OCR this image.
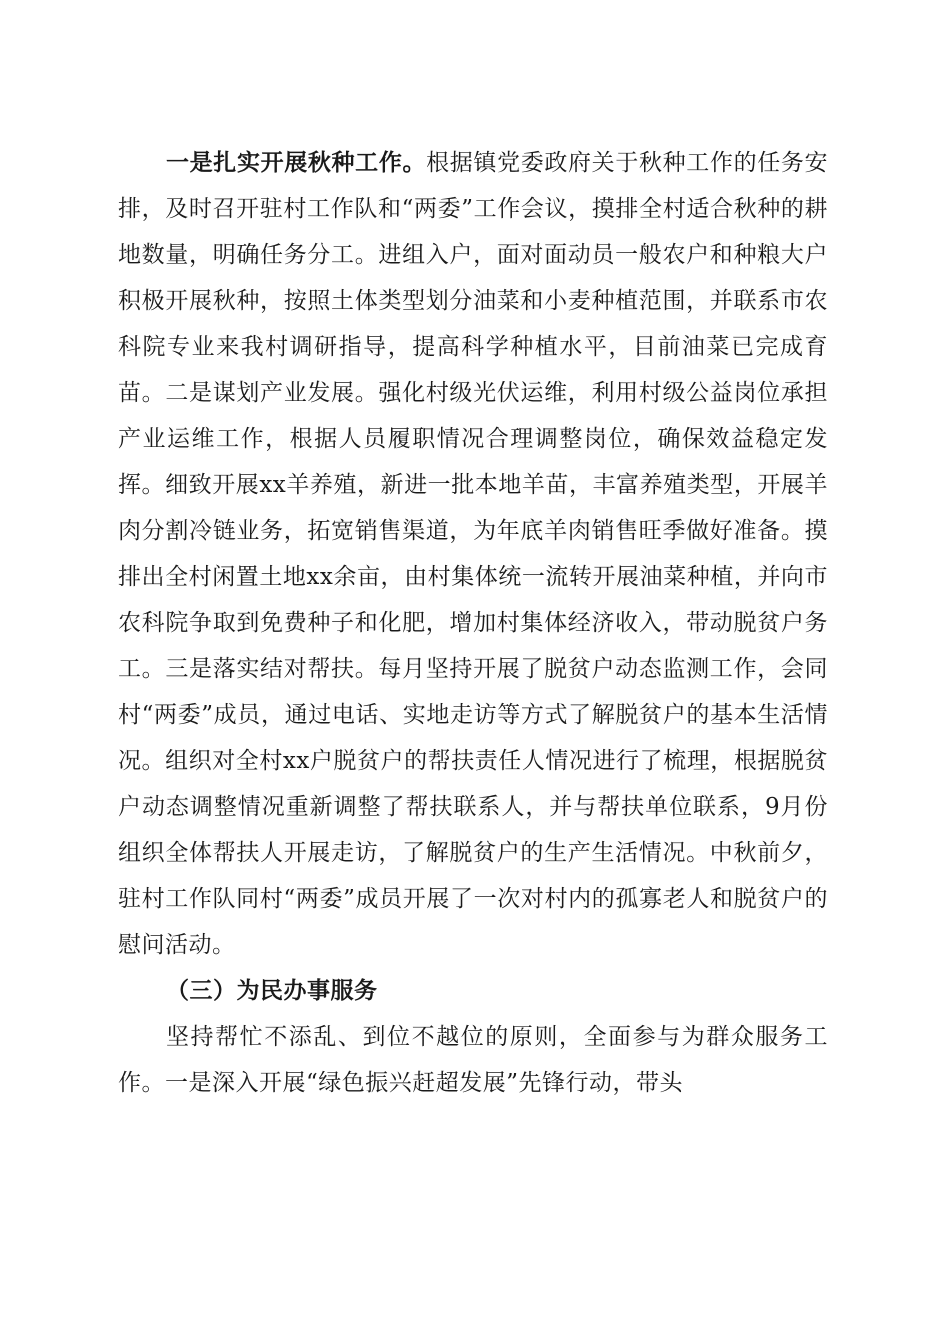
一是扎实开展秋种工作。根据镇党委政府关于秋种工作的任务安排，及时召开驻村工作队和“两委”工作会议，摸排全村适合秋种的耕地数量，明确任务分工。进组入户，面对面动员一般农户和种粮大户积极开展秋种，按照土体类型划分油菜和小麦种植范围，并联系市农科院专业来我村调研指导，提高科学种植水平，目前油菜已完成育苗。二是谋划产业发展。强化村级光伏运维，利用村级公益岗位承担产业运维工作，根据人员履职情况合理调整岗位，确保效益稳定发挥。细致开展xx羊养殖，新进一批本地羊苗，丰富养殖类型，开展羊肉分割冷链业务，拓宽销售渠道，为年底羊肉销售旺季做好准备。摸排出全村闲置土地xx余亩，由村集体统一流转开展油菜种植，并向市农科院争取到免费种子和化肥，增加村集体经济收入，带动脱贫户务工。三是落实结对帮扶。每月坚持开展了脱贫户动态监测工作，会同村“两委”成员，通过电话、实地走访等方式了解脱贫户的基本生活情况。组织对全村xx户脱贫户的帮扶责任人情况进行了梳理，根据脱贫户动态调整情况重新调整了帮扶联系人，并与帮扶单位联系，9月份组织全体帮扶人开展走访，了解脱贫户的生产生活情况。中秋前夕，驻村工作队同村“两委”成员开展了一次对村内的孤寡老人和脱贫户的慰问活动。

（三）为民办事服务

坚持帮忙不添乱、到位不越位的原则，全面参与为群众服务工作。一是深入开展“绿色振兴赶超发展”先锋行动，带头
